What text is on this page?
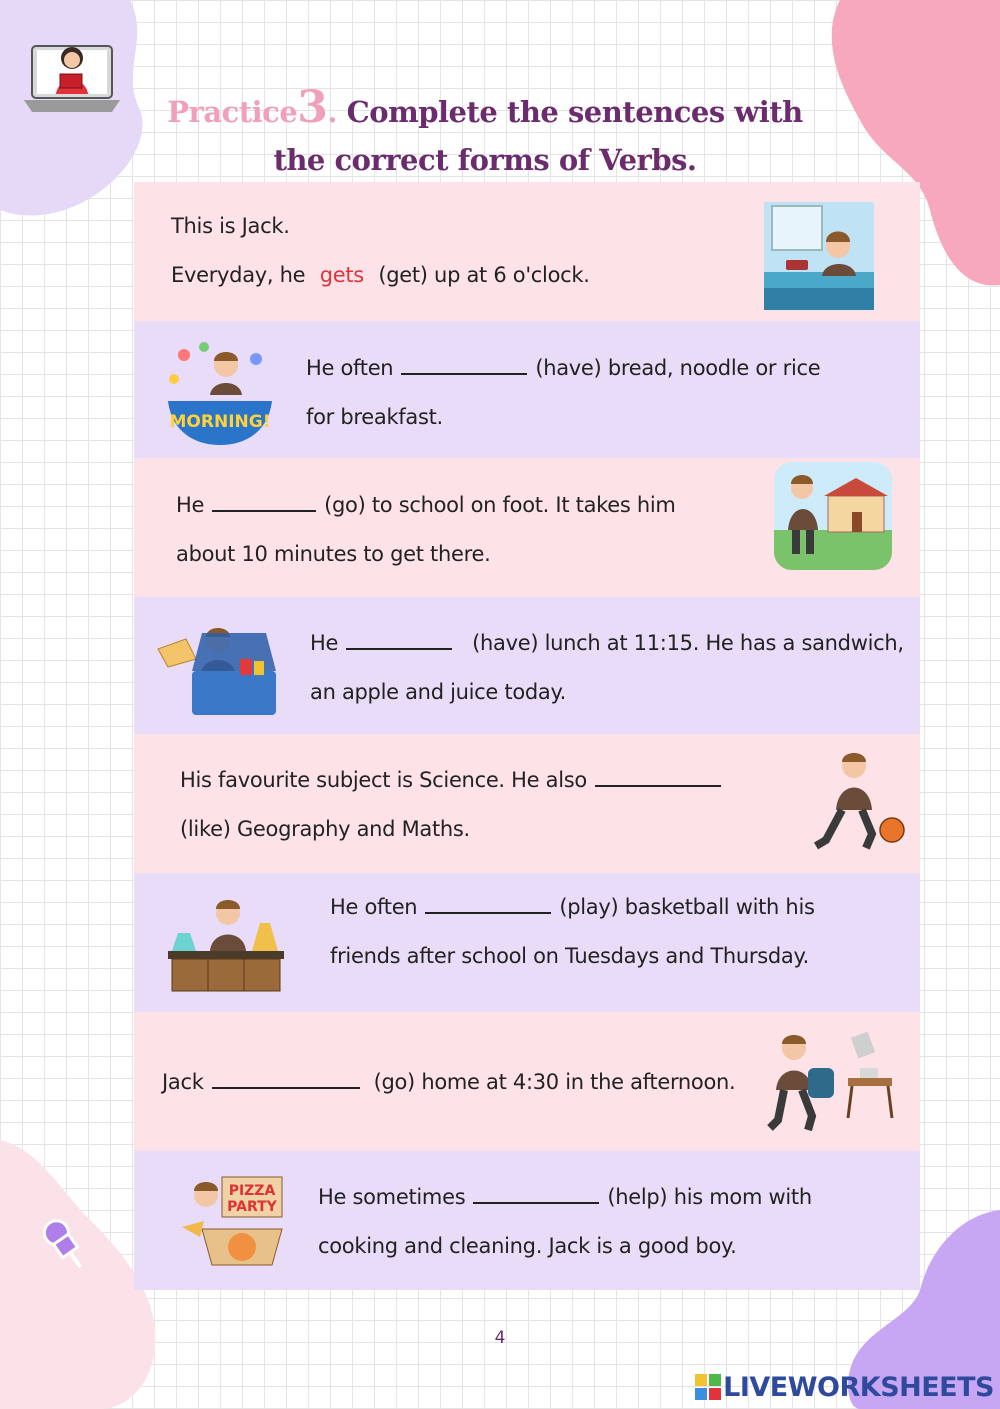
Practice3. Complete the sentences with
the correct forms of Verbs.
This is Jack.
Everyday, he gets (get) up at 6 o'clock.
MORNING!
He often	(have) bread, noodle or rice
for breakfast.
He	(go) to school on foot. It takes him
about 10 minutes to get there.
He	(have) lunch at 11:15. He has a sandwich,
an apple and juice today.
His favourite subject is Science. He also
(like) Geography and Maths.
He often	(play) basketball with his
friends after school on Tuesdays and Thursday.
Jack	(go) home at 4:30 in the afternoon.
PIZZA
PARTY He sometimes	(help) his mom with
cooking and cleaning. Jack is a good boy.
4
LIVEWORKSHEETS
